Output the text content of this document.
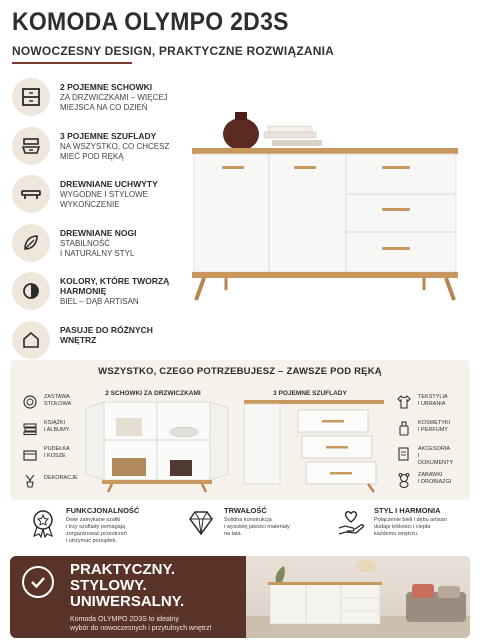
KOMODA OLYMPO 2D3S
NOWOCZESNY DESIGN, PRAKTYCZNE ROZWIĄZANIA
2 POJEMNE SCHOWKI
ZA DRZWICZKAMI – WIĘCEJ
MIEJSCA NA CO DZIEŃ
3 POJEMNE SZUFLADY
NA WSZYSTKO, CO CHCESZ
MIEĆ POD RĘKĄ
DREWNIANE UCHWYTY
WYGODNE I STYLOWE
WYKOŃCZENIE
DREWNIANE NOGI
STABILNOŚĆ
I NATURALNY STYL
KOLORY, KTÓRE TWORZĄ
HARMONIĘ
BIEL – DĄB ARTISAN
PASUJE DO RÓŻNYCH
WNĘTRZ
WSZYSTKO, CZEGO POTRZEBUJESZ – ZAWSZE POD RĘKĄ
ZASTAWA
STOŁOWA
KSIĄŻKI
I ALBUMY
PUDEŁKA
I KOSZE
DEKORACJE
2 SCHOWKI ZA DRZWICZKAMI	3 POJEMNE SZUFLADY	TEKSTYLIA
I UBRANIA
KOSMETYKI
I PERFUMY
AKCESORIA
I DOKUMENTY
ZABAWKI
I DROBIAZGI
FUNKCJONALNOŚĆ
Dwie zamykane szafki
i trzy szuflady pomagają
zorganizować przestrzeń
i utrzymać porządek.
TRWAŁOŚĆ
Solidna konstrukcja
i wysokiej jakości materiały
na lata.
STYL I HARMONIA
Połączenie bieli i dębu artisan
dodaje lekkości i ciepła
każdemu wnętrzu.
PRAKTYCZNY.
STYLOWY.
UNIWERSALNY.
Komoda OLYMPO 2D3S to idealny
wybór do nowoczesnych i przytulnych wnętrz!
